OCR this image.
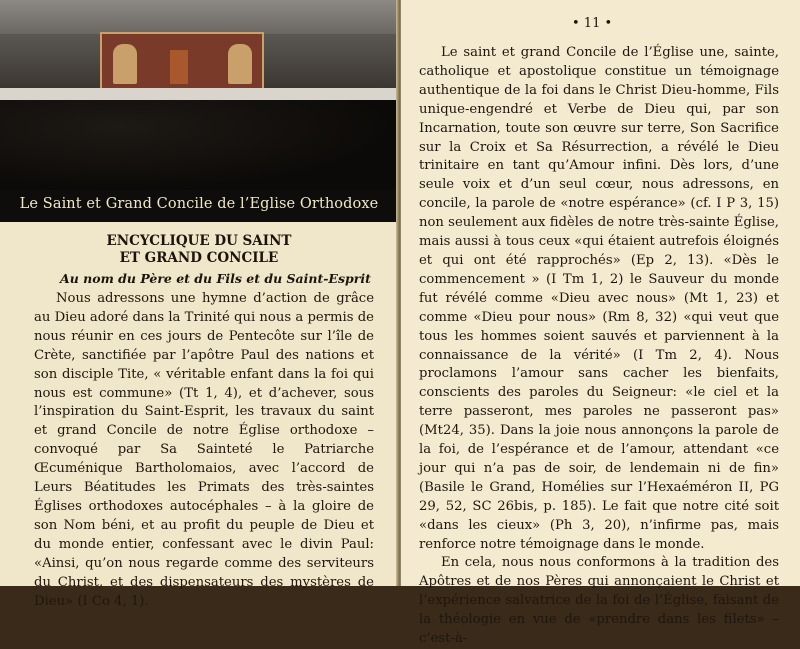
Le Saint et Grand Concile de l’Eglise Orthodoxe
ENCYCLIQUE DU SAINT
ET GRAND CONCILE
Au nom du Père et du Fils et du Saint-Esprit

Nous adressons une hymne d’action de grâce au Dieu adoré dans la Trinité qui nous a permis de nous réunir en ces jours de Pentecôte sur l’île de Crète, sanctifiée par l’apôtre Paul des nations et son disciple Tite, « véritable enfant dans la foi qui nous est commune» (Tt 1, 4), et d’achever, sous l’inspiration du Saint-Esprit, les travaux du saint et grand Concile de notre Église orthodoxe – convoqué par Sa Sainteté le Patriarche Œcuménique Bartholomaios, avec l’accord de Leurs Béatitudes les Primats des très-saintes Églises orthodoxes autocéphales – à la gloire de son Nom béni, et au profit du peuple de Dieu et du monde entier, confessant avec le divin Paul: «Ainsi, qu’on nous regarde comme des serviteurs du Christ, et des dispensateurs des mystères de Dieu» (I Co 4, 1).

• 11 •

Le saint et grand Concile de l’Église une, sainte, catholique et apostolique constitue un témoignage authentique de la foi dans le Christ Dieu-homme, Fils unique-engendré et Verbe de Dieu qui, par son Incarnation, toute son œuvre sur terre, Son Sacrifice sur la Croix et Sa Résurrection, a révélé le Dieu trinitaire en tant qu’Amour infini. Dès lors, d’une seule voix et d’un seul cœur, nous adressons, en concile, la parole de «notre espérance» (cf. I P 3, 15) non seulement aux fidèles de notre très-sainte Église, mais aussi à tous ceux «qui étaient autrefois éloignés et qui ont été rapprochés» (Ep 2, 13). «Dès le commencement » (I Tm 1, 2) le Sauveur du monde fut révélé comme «Dieu avec nous» (Mt 1, 23) et comme «Dieu pour nous» (Rm 8, 32) «qui veut que tous les hommes soient sauvés et parviennent à la connaissance de la vérité» (I Tm 2, 4). Nous proclamons l’amour sans cacher les bienfaits, conscients des paroles du Seigneur: «le ciel et la terre passeront, mes paroles ne passeront pas» (Mt24, 35). Dans la joie nous annonçons la parole de la foi, de l’espérance et de l’amour, attendant «ce jour qui n’a pas de soir, de lendemain ni de fin» (Basile le Grand, Homélies sur l’Hexaéméron II, PG 29, 52, SC 26bis, p. 185). Le fait que notre cité soit «dans les cieux» (Ph 3, 20), n’infirme pas, mais renforce notre témoignage dans le monde.

En cela, nous nous conformons à la tradition des Apôtres et de nos Pères qui annonçaient le Christ et l’expérience salvatrice de la foi de l’Église, faisant de la théologie en vue de «prendre dans les filets» – c’est-à-
